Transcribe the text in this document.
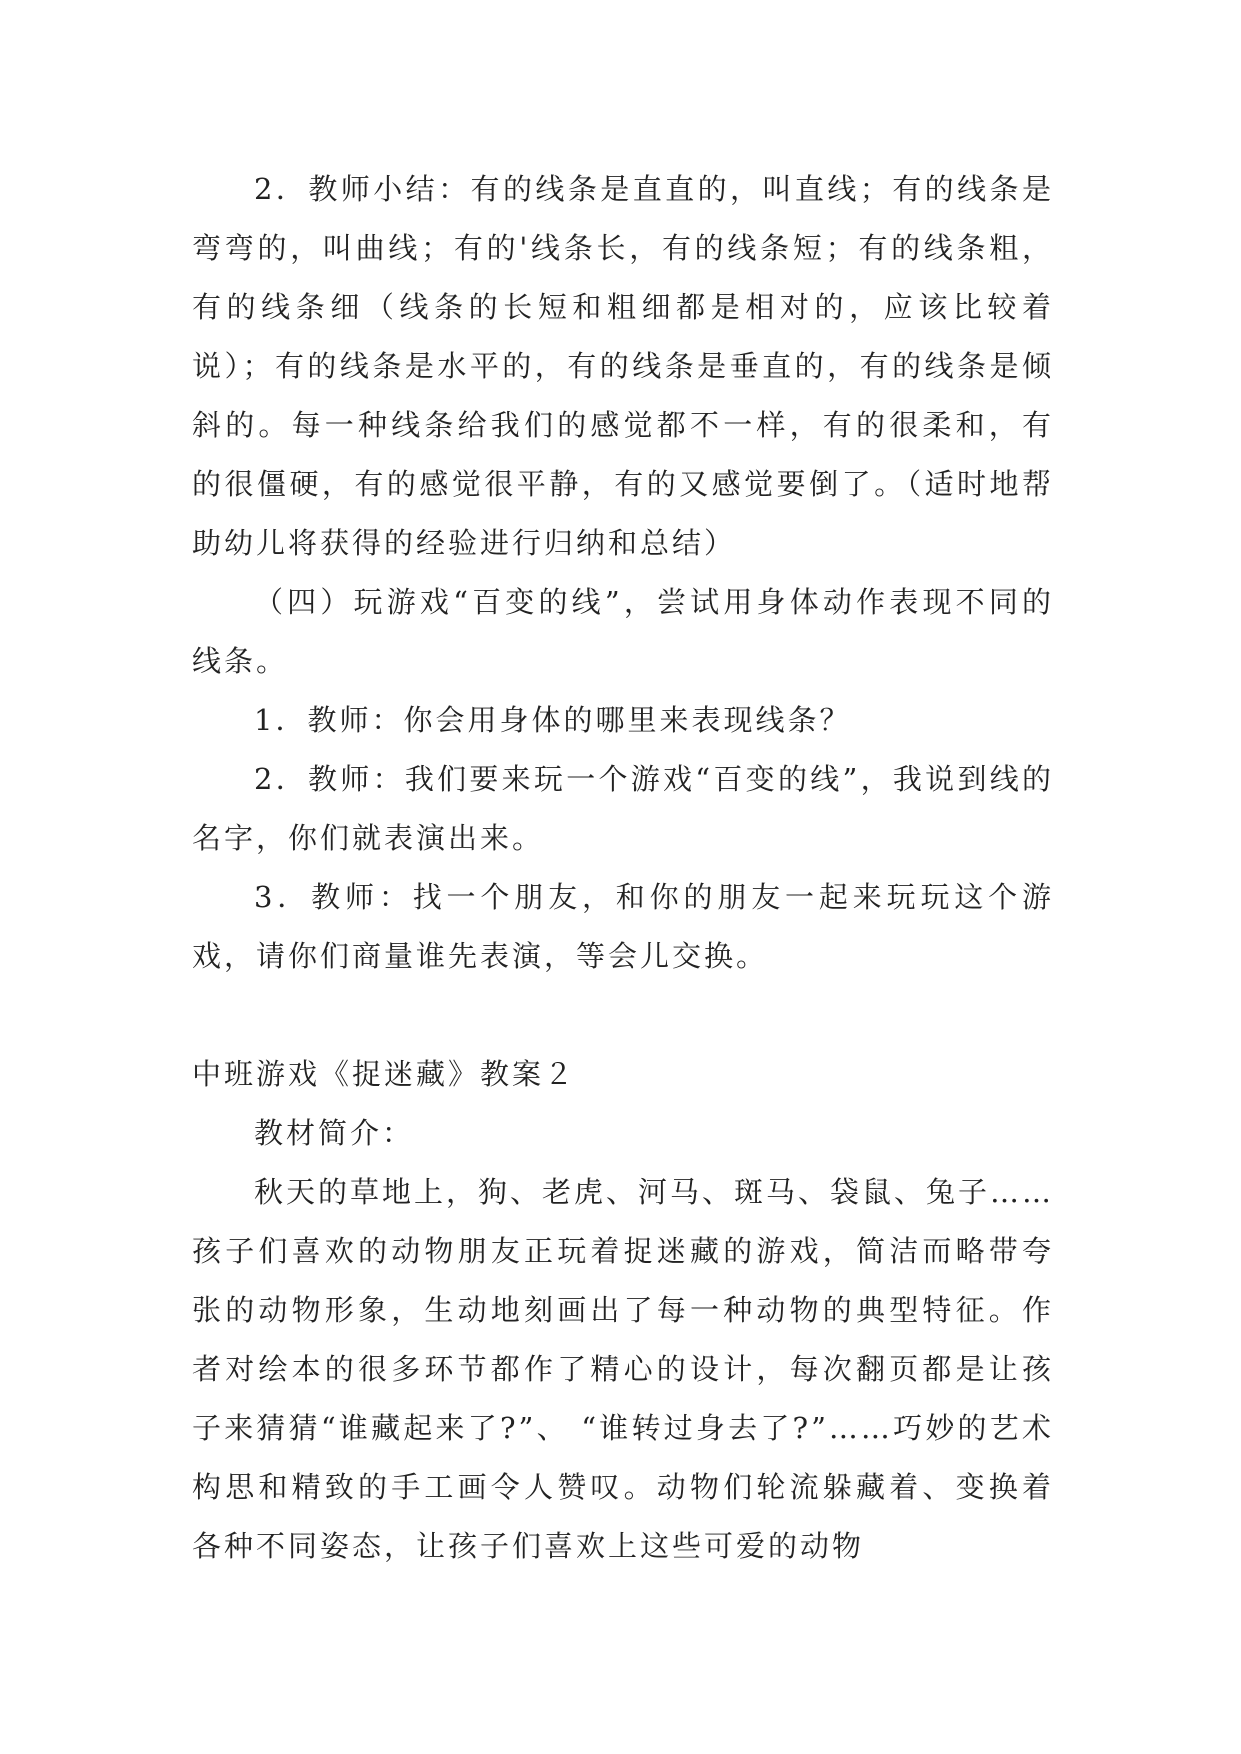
2．教师小结：有的线条是直直的，叫直线；有的线条是弯弯的，叫曲线；有的'线条长，有的线条短；有的线条粗，有的线条细（线条的长短和粗细都是相对的，应该比较着说）；有的线条是水平的，有的线条是垂直的，有的线条是倾斜的。每一种线条给我们的感觉都不一样，有的很柔和，有的很僵硬，有的感觉很平静，有的又感觉要倒了。（适时地帮助幼儿将获得的经验进行归纳和总结）

（四）玩游戏“百变的线”，尝试用身体动作表现不同的线条。

1．教师：你会用身体的哪里来表现线条？

2．教师：我们要来玩一个游戏“百变的线”，我说到线的名字，你们就表演出来。

3．教师：找一个朋友，和你的朋友一起来玩玩这个游戏，请你们商量谁先表演，等会儿交换。

中班游戏《捉迷藏》教案２

教材简介：

秋天的草地上，狗、老虎、河马、斑马、袋鼠、兔子……孩子们喜欢的动物朋友正玩着捉迷藏的游戏，简洁而略带夸张的动物形象，生动地刻画出了每一种动物的典型特征。作者对绘本的很多环节都作了精心的设计，每次翻页都是让孩子来猜猜“谁藏起来了?”、 “谁转过身去了?”……巧妙的艺术构思和精致的手工画令人赞叹。动物们轮流躲藏着、变换着各种不同姿态，让孩子们喜欢上这些可爱的动物
